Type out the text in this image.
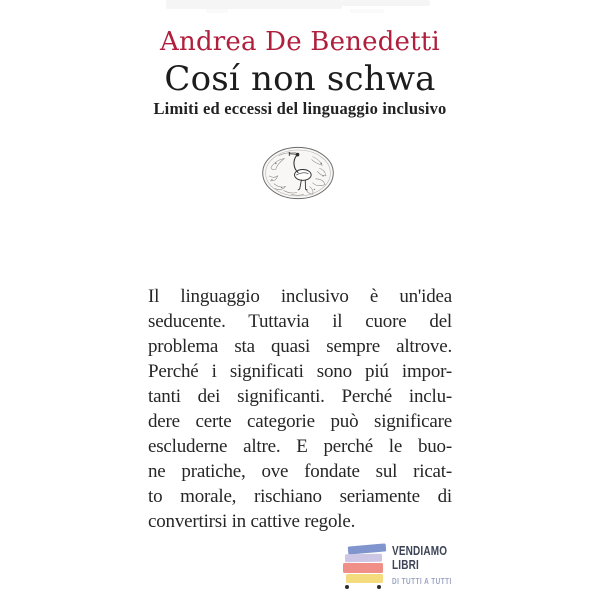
Andrea De Benedetti
Cosí non schwa
Limiti ed eccessi del linguaggio inclusivo
Il linguaggio inclusivo è un'idea
seducente. Tuttavia il cuore del
problema sta quasi sempre altrove.
Perché i significati sono piú impor-
tanti dei significanti. Perché inclu-
dere certe categorie può significare
escluderne altre. E perché le buo-
ne pratiche, ove fondate sul ricat-
to morale, rischiano seriamente di
convertirsi in cattive regole.
VENDIAMO
LIBRI
DI TUTTI A TUTTI
